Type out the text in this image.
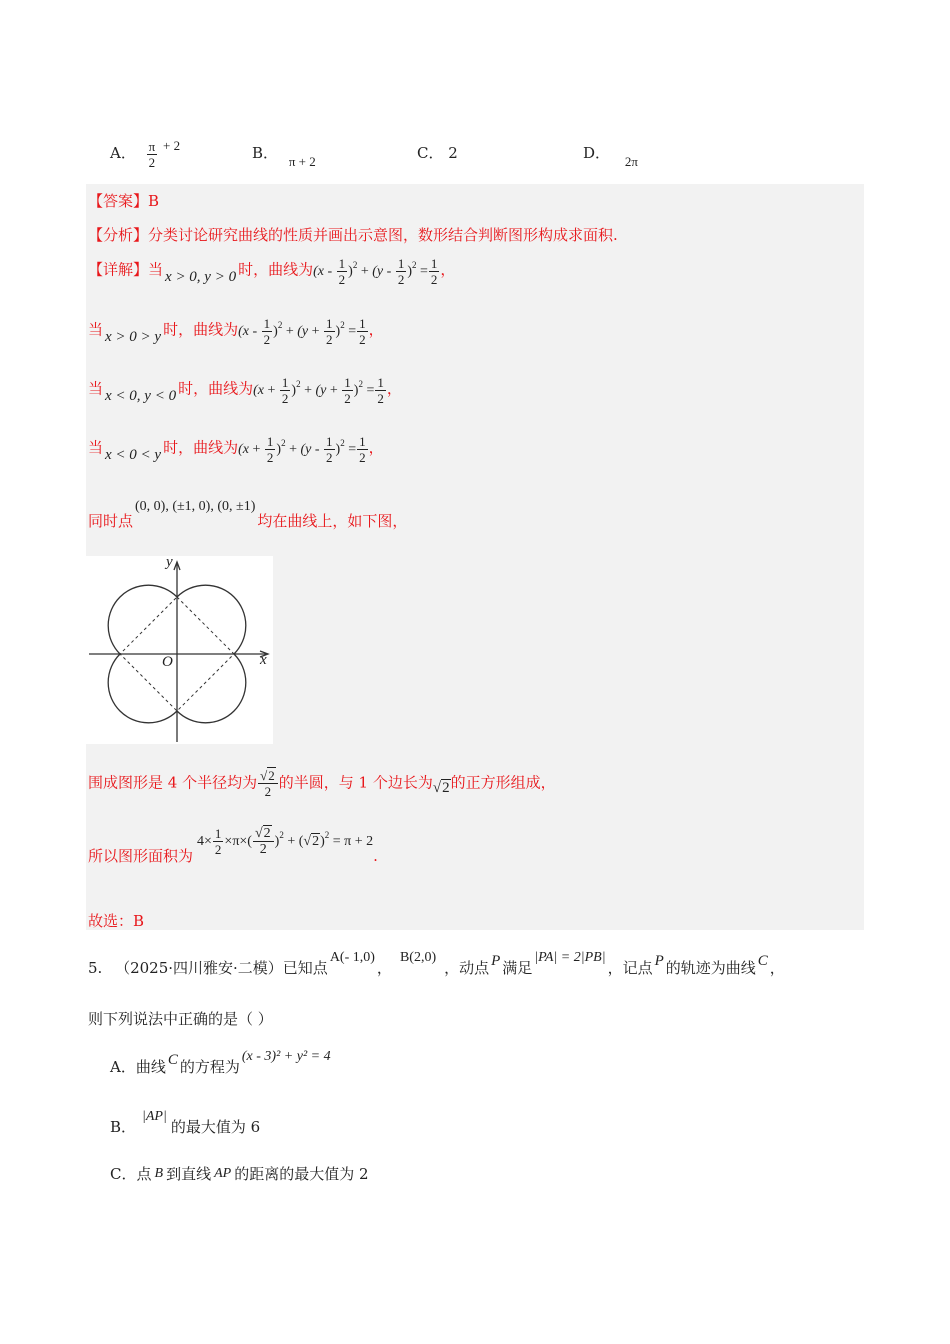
A． $\frac{\pi}{2} + 2$	B． π + 2	C． 2	D． 2π
【答案】B
【分析】分类讨论研究曲线的性质并画出示意图，数形结合判断图形构成求面积.
【详解】当 x > 0, y > 0 时，曲线为$(x - \frac{1}{2} )^2 + (y - \frac{1}{2} )^2 = \frac{1}{2}$ ，
当 x > 0 > y 时，曲线为$(x - \frac{1}{2} )^2 + (y + \frac{1}{2} )^2 = \frac{1}{2}$ ，
当 x < 0, y < 0 时，曲线为$(x + \frac{1}{2} )^2 + (y + \frac{1}{2} )^2 = \frac{1}{2}$ ，
当 x < 0 < y 时，曲线为$(x + \frac{1}{2} )^2 + (y - \frac{1}{2} )^2 = \frac{1}{2}$ ，
同时点(0, 0), (±1, 0), (0, ±1)均在曲线上，如下图，
y
x
O
围成图形是 4 个半径均为 $\frac{√2}{2}$ 的半圆，与 1 个边长为√2的正方形组成，
所以图形面积为$4\times \frac{1}{2} \times\pi\times( \frac{√2}{2} )^2 + (√2)^2 = \pi + 2$.
故选：B
5. （2025·四川雅安·二模）已知点A(- 1,0)，B(2,0)，动点 P 满足|PA| = 2|PB|，记点 P 的轨迹为曲线 C ，
则下列说法中正确的是（ ）
A．曲线 C 的方程为(x - 3)² + y² = 4
B．|AP|的最大值为 6
C．点 B 到直线 AP 的距离的最大值为 2
